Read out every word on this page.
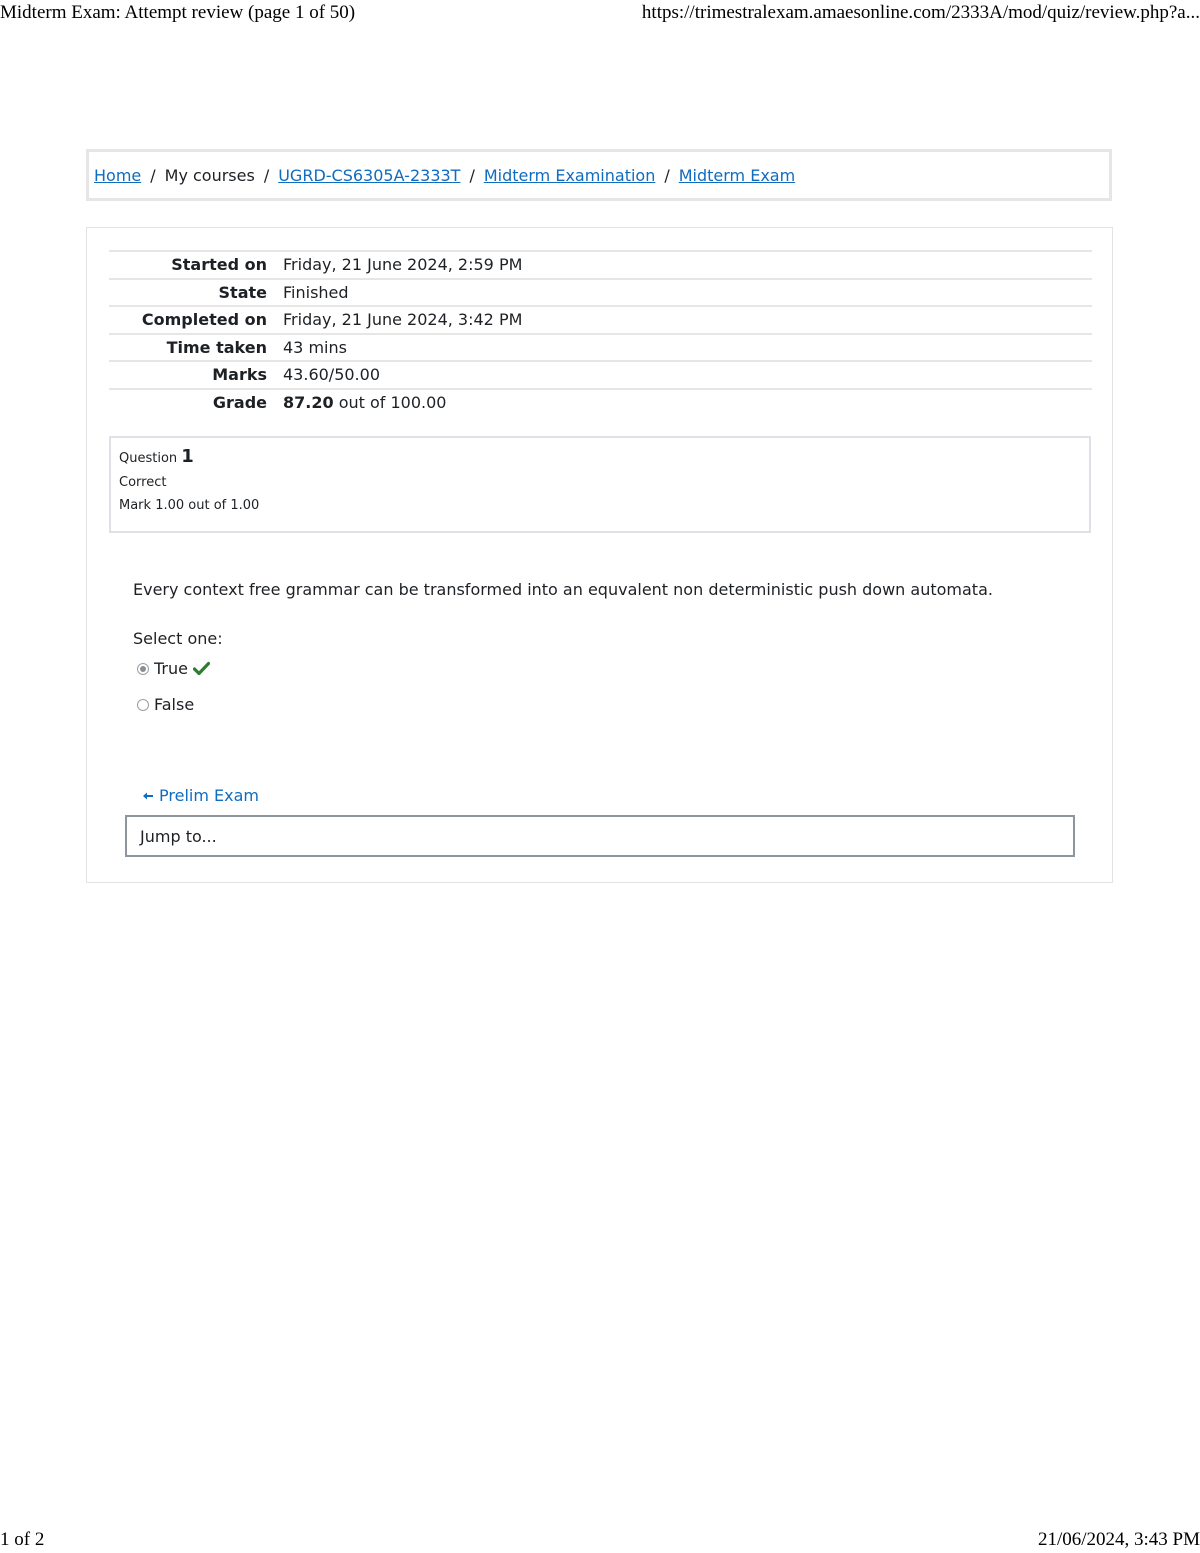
Midterm Exam: Attempt review (page 1 of 50)	https://trimestralexam.amaesonline.com/2333A/mod/quiz/review.php?a...
Home / My courses / UGRD-CS6305A-2333T / Midterm Examination / Midterm Exam
Started on	Friday, 21 June 2024, 2:59 PM
State	Finished
Completed on	Friday, 21 June 2024, 3:42 PM
Time taken	43 mins
Marks	43.60/50.00
Grade	87.20 out of 100.00
Question 1
Correct
Mark 1.00 out of 1.00
Every context free grammar can be transformed into an equvalent non deterministic push down automata.
Select one:
True
False
Prelim Exam
Jump to...
1 of 2	21/06/2024, 3:43 PM
